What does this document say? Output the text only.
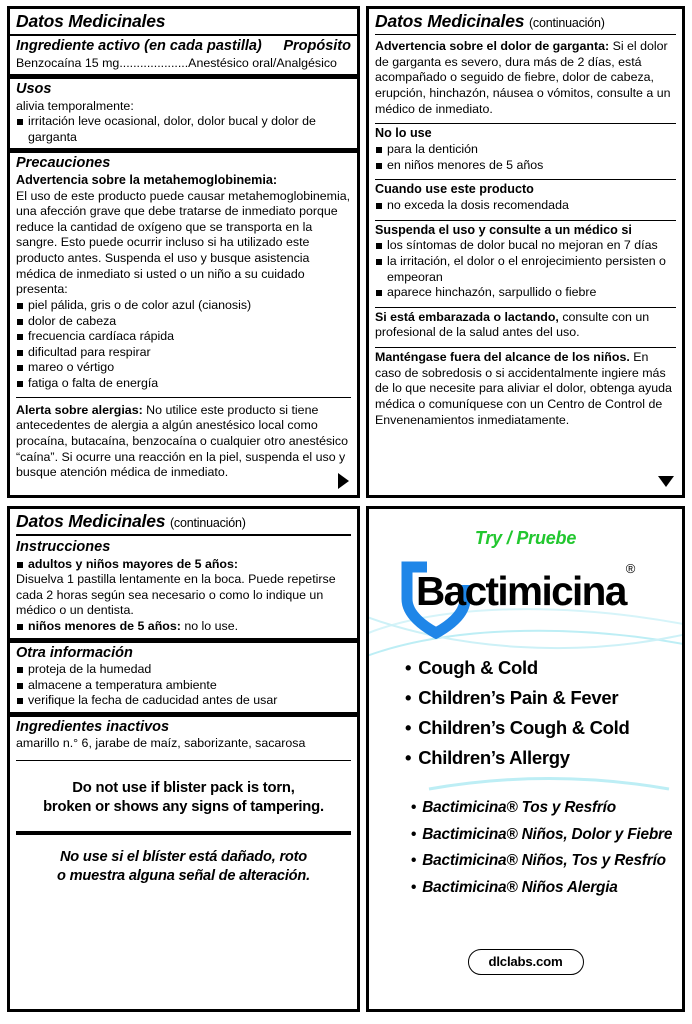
Datos Medicinales
Propósito
Ingrediente activo (en cada pastilla)
Benzocaína 15 mg....................Anestésico oral/Analgésico
Usos
alivia temporalmente:
irritación leve ocasional, dolor, dolor bucal y dolor de garganta
Precauciones
Advertencia sobre la metahemoglobinemia:
El uso de este producto puede causar metahemoglobinemia, una afección grave que debe tratarse de inmediato porque reduce la cantidad de oxígeno que se transporta en la sangre. Esto puede ocurrir incluso si ha utilizado este producto antes. Suspenda el uso y busque asistencia médica de inmediato si usted o un niño a su cuidado presenta:
piel pálida, gris o de color azul (cianosis)
dolor de cabeza
frecuencia cardíaca rápida
dificultad para respirar
mareo o vértigo
fatiga o falta de energía
Alerta sobre alergias: No utilice este producto si tiene antecedentes de alergia a algún anestésico local como procaína, butacaína, benzocaína o cualquier otro anestésico “caína”. Si ocurre una reacción en la piel, suspenda el uso y busque atención médica de inmediato.
Datos Medicinales (continuación)
Advertencia sobre el dolor de garganta: Si el dolor de garganta es severo, dura más de 2 días, está acompañado o seguido de fiebre, dolor de cabeza, erupción, hinchazón, náusea o vómitos, consulte a un médico de inmediato.
No lo use
para la dentición
en niños menores de 5 años
Cuando use este producto
no exceda la dosis recomendada
Suspenda el uso y consulte a un médico si
los síntomas de dolor bucal no mejoran en 7 días
la irritación, el dolor o el enrojecimiento persisten o empeoran
aparece hinchazón, sarpullido o fiebre
Si está embarazada o lactando, consulte con un profesional de la salud antes del uso.
Manténgase fuera del alcance de los niños. En caso de sobredosis o si accidentalmente ingiere más de lo que necesite para aliviar el dolor, obtenga ayuda médica o comuníquese con un Centro de Control de Envenenamientos inmediatamente.
Datos Medicinales (continuación)
Instrucciones
adultos y niños mayores de 5 años:
Disuelva 1 pastilla lentamente en la boca. Puede repetirse cada 2 horas según sea necesario o como lo indique un médico o un dentista.
niños menores de 5 años: no lo use.
Otra información
proteja de la humedad
almacene a temperatura ambiente
verifique la fecha de caducidad antes de usar
Ingredientes inactivos
amarillo n.° 6, jarabe de maíz, saborizante, sacarosa
Do not use if blister pack is torn,
broken or shows any signs of tampering.
No use si el blíster está dañado, roto
o muestra alguna señal de alteración.
Try / Pruebe
Bactimicina®
• Cough & Cold
• Children’s Pain & Fever
• Children’s Cough & Cold
• Children’s Allergy
• Bactimicina® Tos y Resfrío
• Bactimicina® Niños, Dolor y Fiebre
• Bactimicina® Niños, Tos y Resfrío
• Bactimicina® Niños Alergia
dlclabs.com
